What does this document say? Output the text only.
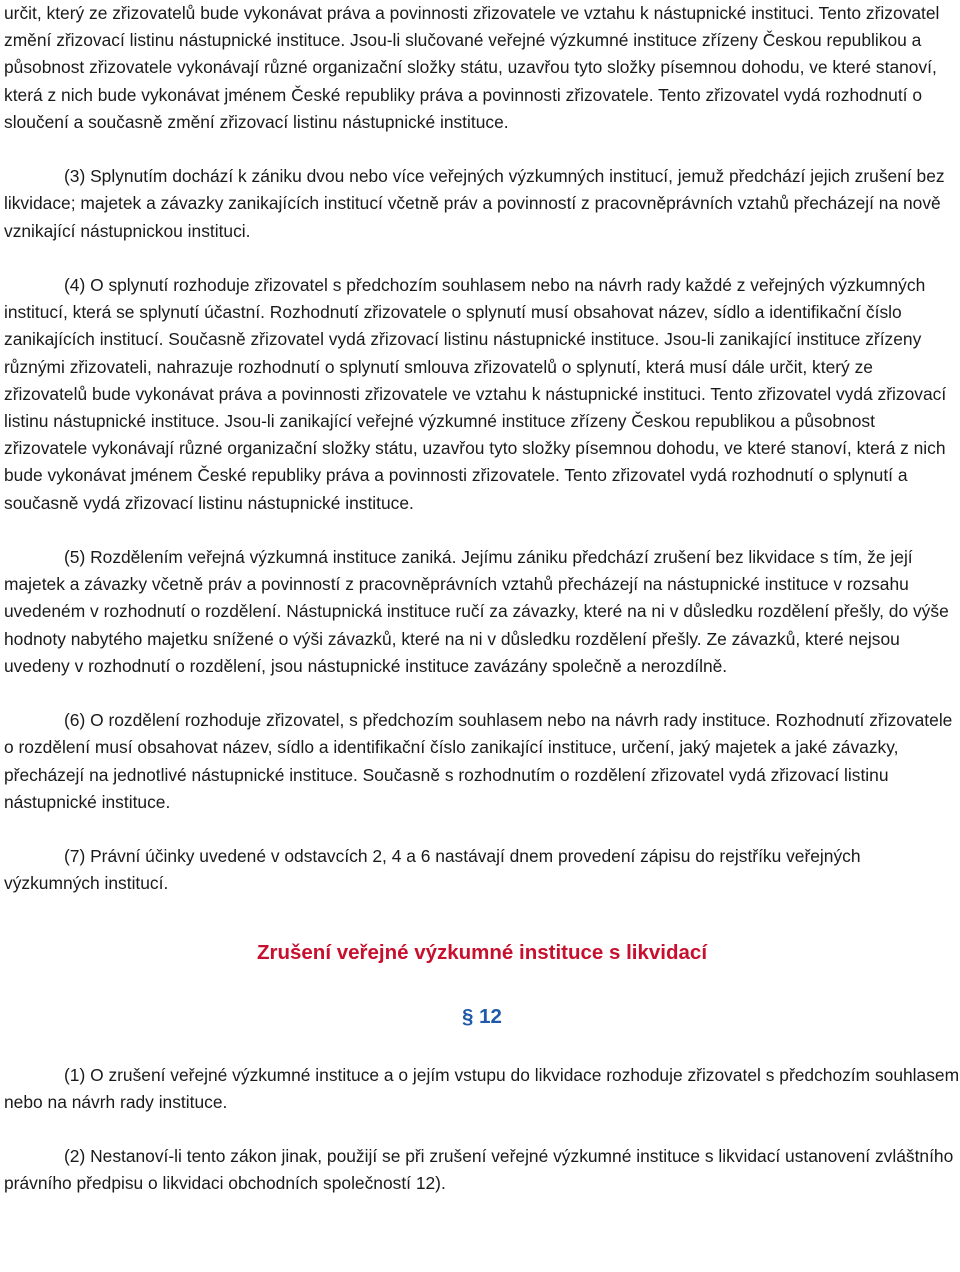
určit, který ze zřizovatelů bude vykonávat práva a povinnosti zřizovatele ve vztahu k nástupnické instituci. Tento zřizovatel změní zřizovací listinu nástupnické instituce. Jsou-li slučované veřejné výzkumné instituce zřízeny Českou republikou a působnost zřizovatele vykonávají různé organizační složky státu, uzavřou tyto složky písemnou dohodu, ve které stanoví, která z nich bude vykonávat jménem České republiky práva a povinnosti zřizovatele. Tento zřizovatel vydá rozhodnutí o sloučení a současně změní zřizovací listinu nástupnické instituce.

(3) Splynutím dochází k zániku dvou nebo více veřejných výzkumných institucí, jemuž předchází jejich zrušení bez likvidace; majetek a závazky zanikajících institucí včetně práv a povinností z pracovněprávních vztahů přecházejí na nově vznikající nástupnickou instituci.

(4) O splynutí rozhoduje zřizovatel s předchozím souhlasem nebo na návrh rady každé z veřejných výzkumných institucí, která se splynutí účastní. Rozhodnutí zřizovatele o splynutí musí obsahovat název, sídlo a identifikační číslo zanikajících institucí. Současně zřizovatel vydá zřizovací listinu nástupnické instituce. Jsou-li zanikající instituce zřízeny různými zřizovateli, nahrazuje rozhodnutí o splynutí smlouva zřizovatelů o splynutí, která musí dále určit, který ze zřizovatelů bude vykonávat práva a povinnosti zřizovatele ve vztahu k nástupnické instituci. Tento zřizovatel vydá zřizovací listinu nástupnické instituce. Jsou-li zanikající veřejné výzkumné instituce zřízeny Českou republikou a působnost zřizovatele vykonávají různé organizační složky státu, uzavřou tyto složky písemnou dohodu, ve které stanoví, která z nich bude vykonávat jménem České republiky práva a povinnosti zřizovatele. Tento zřizovatel vydá rozhodnutí o splynutí a současně vydá zřizovací listinu nástupnické instituce.

(5) Rozdělením veřejná výzkumná instituce zaniká. Jejímu zániku předchází zrušení bez likvidace s tím, že její majetek a závazky včetně práv a povinností z pracovněprávních vztahů přecházejí na nástupnické instituce v rozsahu uvedeném v rozhodnutí o rozdělení. Nástupnická instituce ručí za závazky, které na ni v důsledku rozdělení přešly, do výše hodnoty nabytého majetku snížené o výši závazků, které na ni v důsledku rozdělení přešly. Ze závazků, které nejsou uvedeny v rozhodnutí o rozdělení, jsou nástupnické instituce zavázány společně a nerozdílně.

(6) O rozdělení rozhoduje zřizovatel, s předchozím souhlasem nebo na návrh rady instituce. Rozhodnutí zřizovatele o rozdělení musí obsahovat název, sídlo a identifikační číslo zanikající instituce, určení, jaký majetek a jaké závazky, přecházejí na jednotlivé nástupnické instituce. Současně s rozhodnutím o rozdělení zřizovatel vydá zřizovací listinu nástupnické instituce.

(7) Právní účinky uvedené v odstavcích 2, 4 a 6 nastávají dnem provedení zápisu do rejstříku veřejných výzkumných institucí.

Zrušení veřejné výzkumné instituce s likvidací
§ 12

(1) O zrušení veřejné výzkumné instituce a o jejím vstupu do likvidace rozhoduje zřizovatel s předchozím souhlasem nebo na návrh rady instituce.

(2) Nestanoví-li tento zákon jinak, použijí se při zrušení veřejné výzkumné instituce s likvidací ustanovení zvláštního právního předpisu o likvidaci obchodních společností 12).
